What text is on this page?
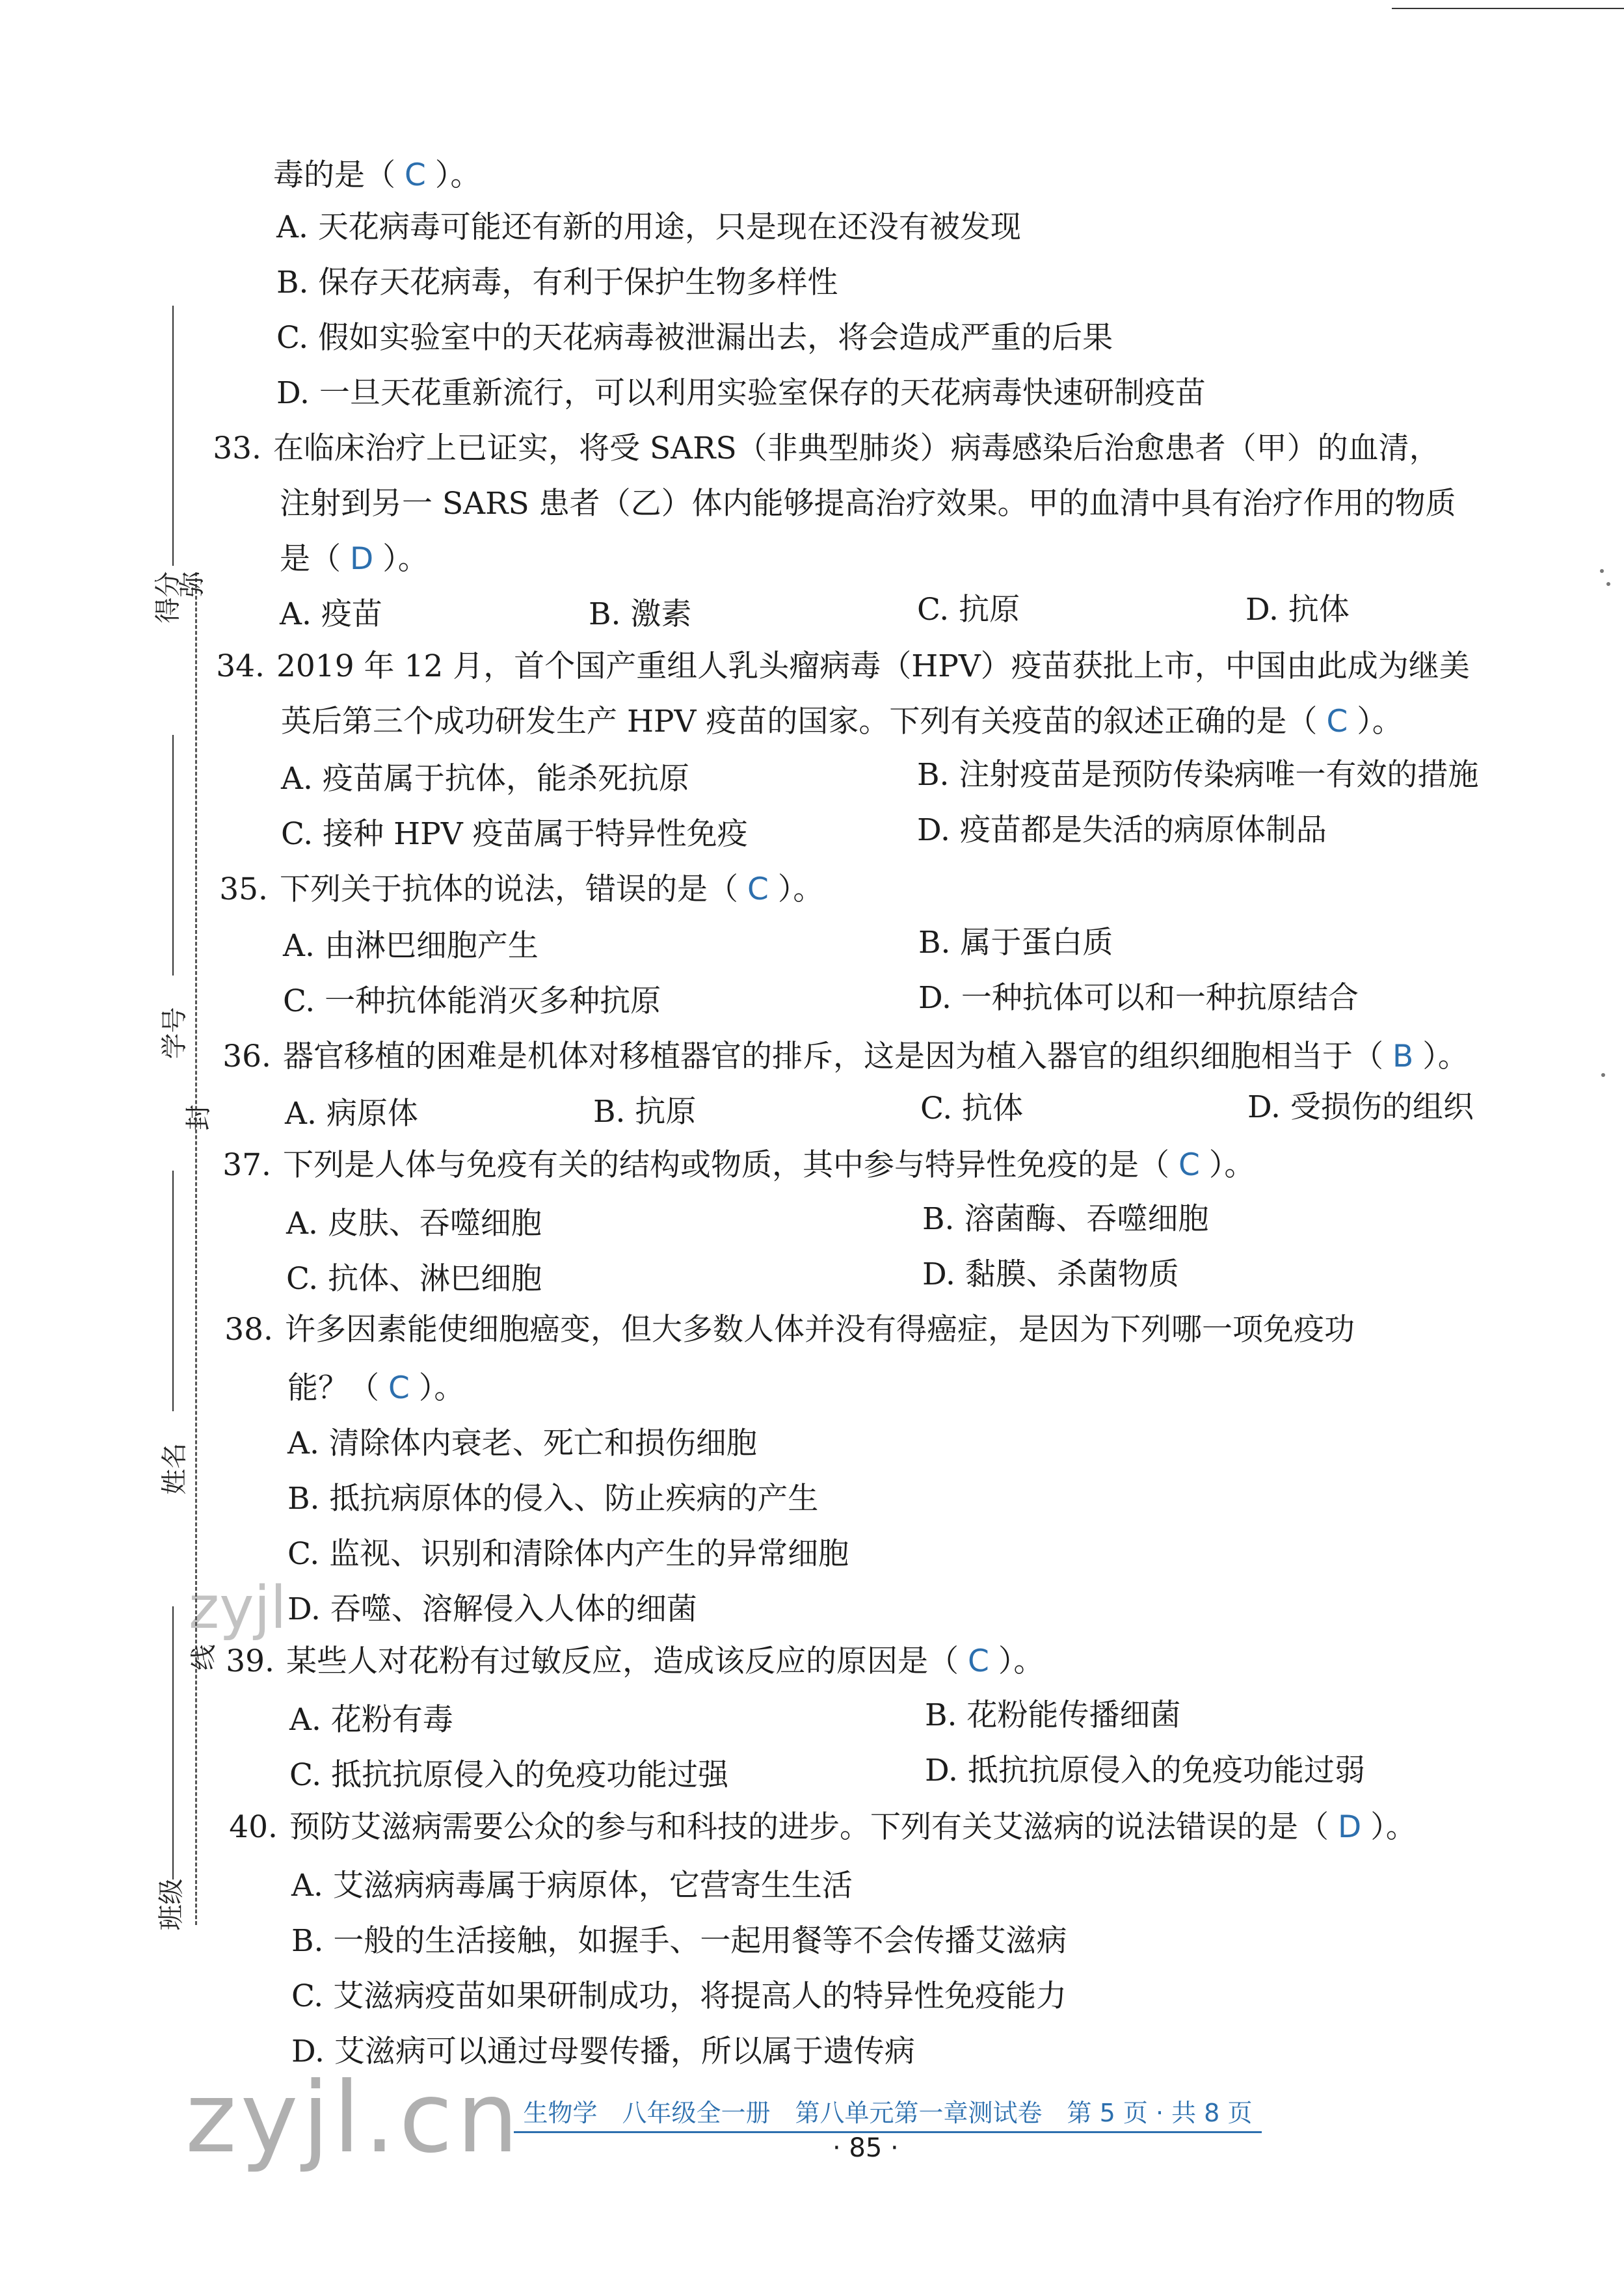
得分
弥
学号
封
姓名
线
班级
毒的是（ C ）。
A. 天花病毒可能还有新的用途，只是现在还没有被发现
B. 保存天花病毒，有利于保护生物多样性
C. 假如实验室中的天花病毒被泄漏出去，将会造成严重的后果
D. 一旦天花重新流行，可以利用实验室保存的天花病毒快速研制疫苗
33. 在临床治疗上已证实，将受 SARS（非典型肺炎）病毒感染后治愈患者（甲）的血清，
注射到另一 SARS 患者（乙）体内能够提高治疗效果。甲的血清中具有治疗作用的物质
是（ D ）。
A. 疫苗	B. 激素	C. 抗原	D. 抗体
34. 2019 年 12 月，首个国产重组人乳头瘤病毒（HPV）疫苗获批上市，中国由此成为继美
英后第三个成功研发生产 HPV 疫苗的国家。下列有关疫苗的叙述正确的是（ C ）。
A. 疫苗属于抗体，能杀死抗原	B. 注射疫苗是预防传染病唯一有效的措施
C. 接种 HPV 疫苗属于特异性免疫	D. 疫苗都是失活的病原体制品
35. 下列关于抗体的说法，错误的是（ C ）。
A. 由淋巴细胞产生	B. 属于蛋白质
C. 一种抗体能消灭多种抗原	D. 一种抗体可以和一种抗原结合
36. 器官移植的困难是机体对移植器官的排斥，这是因为植入器官的组织细胞相当于（ B ）。
A. 病原体	B. 抗原	C. 抗体	D. 受损伤的组织
37. 下列是人体与免疫有关的结构或物质，其中参与特异性免疫的是（ C ）。
A. 皮肤、吞噬细胞	B. 溶菌酶、吞噬细胞
C. 抗体、淋巴细胞	D. 黏膜、杀菌物质
38. 许多因素能使细胞癌变，但大多数人体并没有得癌症，是因为下列哪一项免疫功
能？（ C ）。
A. 清除体内衰老、死亡和损伤细胞
B. 抵抗病原体的侵入、防止疾病的产生
C. 监视、识别和清除体内产生的异常细胞
D. 吞噬、溶解侵入人体的细菌
39. 某些人对花粉有过敏反应，造成该反应的原因是（ C ）。
A. 花粉有毒	B. 花粉能传播细菌
C. 抵抗抗原侵入的免疫功能过强	D. 抵抗抗原侵入的免疫功能过弱
40. 预防艾滋病需要公众的参与和科技的进步。下列有关艾滋病的说法错误的是（ D ）。
A. 艾滋病病毒属于病原体，它营寄生生活
B. 一般的生活接触，如握手、一起用餐等不会传播艾滋病
C. 艾滋病疫苗如果研制成功，将提高人的特异性免疫能力
D. 艾滋病可以通过母婴传播，所以属于遗传病
生物学　八年级全一册　第八单元第一章测试卷　第 5 页 · 共 8 页
· 85 ·
zyjl.cn
zyjl
